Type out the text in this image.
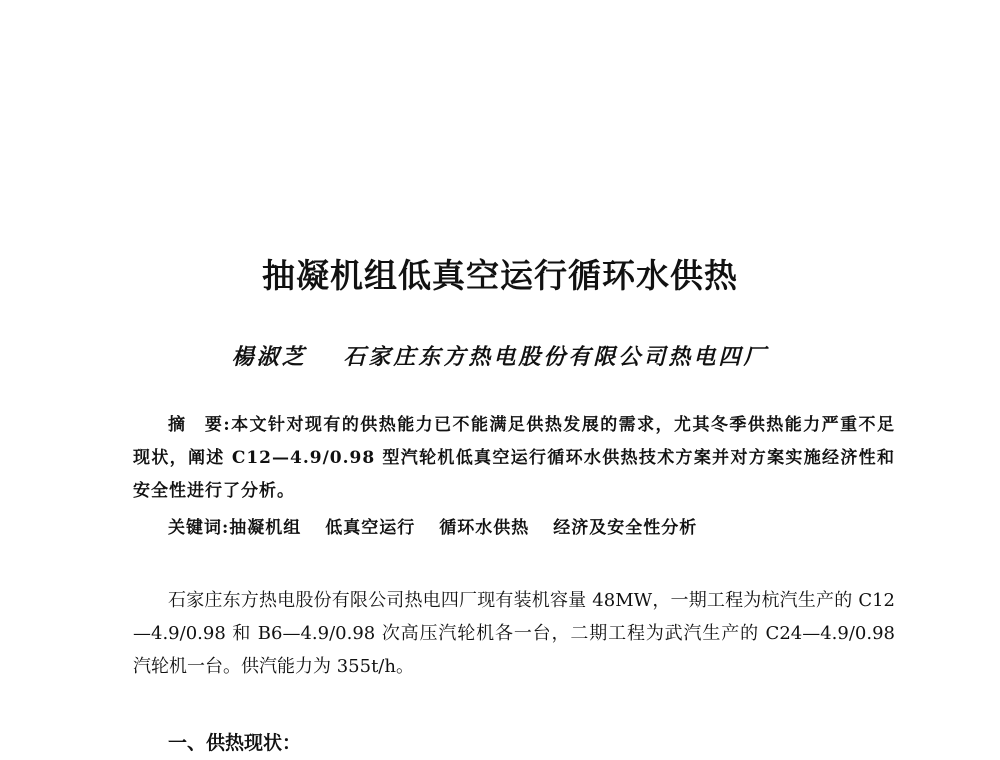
抽凝机组低真空运行循环水供热
楊淑芝 石家庄东方热电股份有限公司热电四厂

摘　要:本文针对现有的供热能力已不能满足供热发展的需求，尤其冬季供热能力严重不足现状，阐述 C12—4.9/0.98 型汽轮机低真空运行循环水供热技术方案并对方案实施经济性和安全性进行了分析。

关键词:抽凝机组 低真空运行 循环水供热 经济及安全性分析

石家庄东方热电股份有限公司热电四厂现有装机容量 48MW，一期工程为杭汽生产的 C12—4.9/0.98 和 B6—4.9/0.98 次高压汽轮机各一台，二期工程为武汽生产的 C24—4.9/0.98 汽轮机一台。供汽能力为 355t/h。

一、供热现状：
